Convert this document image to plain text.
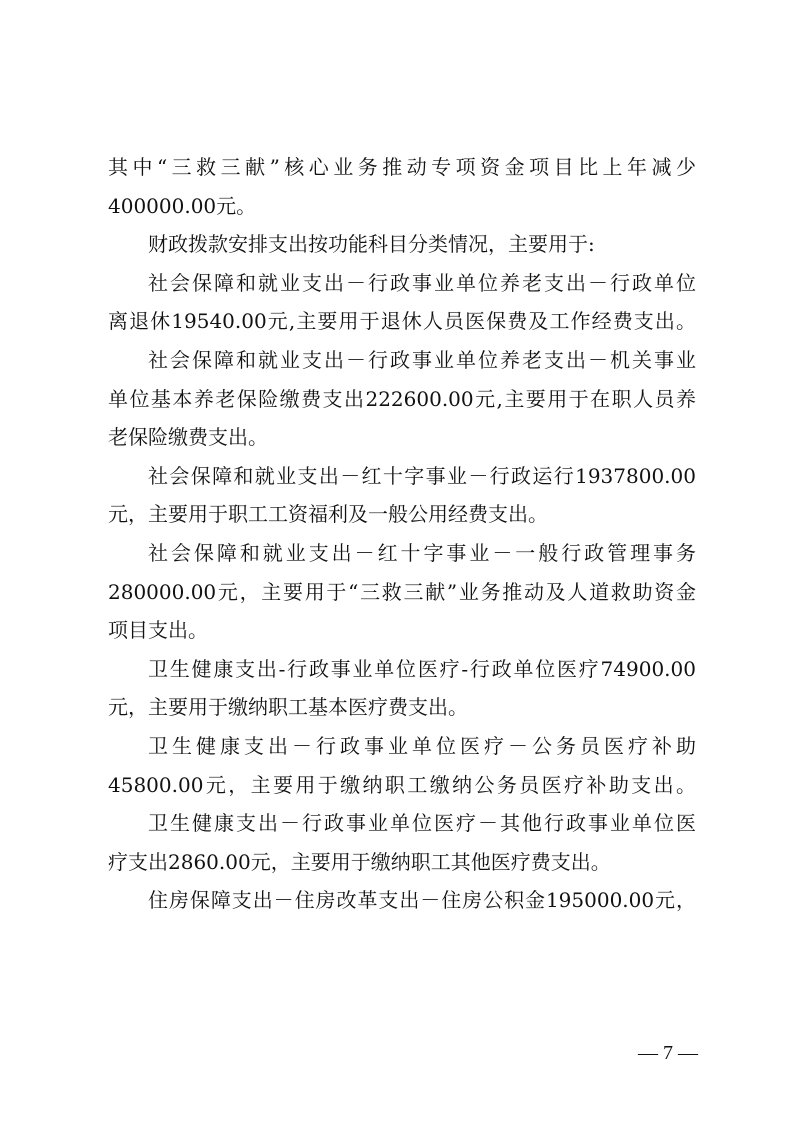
其中“三救三献”核心业务推动专项资金项目比上年减少
400000.00元。
财政拨款安排支出按功能科目分类情况，主要用于:
社会保障和就业支出－行政事业单位养老支出－行政单位
离退休19540.00元,主要用于退休人员医保费及工作经费支出。
社会保障和就业支出－行政事业单位养老支出－机关事业
单位基本养老保险缴费支出222600.00元,主要用于在职人员养
老保险缴费支出。
社会保障和就业支出－红十字事业－行政运行1937800.00
元，主要用于职工工资福利及一般公用经费支出。
社会保障和就业支出－红十字事业－一般行政管理事务
280000.00元，主要用于“三救三献”业务推动及人道救助资金
项目支出。
卫生健康支出-行政事业单位医疗-行政单位医疗74900.00
元，主要用于缴纳职工基本医疗费支出。
卫生健康支出－行政事业单位医疗－公务员医疗补助
45800.00元，主要用于缴纳职工缴纳公务员医疗补助支出。
卫生健康支出－行政事业单位医疗－其他行政事业单位医
疗支出2860.00元，主要用于缴纳职工其他医疗费支出。
住房保障支出－住房改革支出－住房公积金195000.00元，
— 7 —
